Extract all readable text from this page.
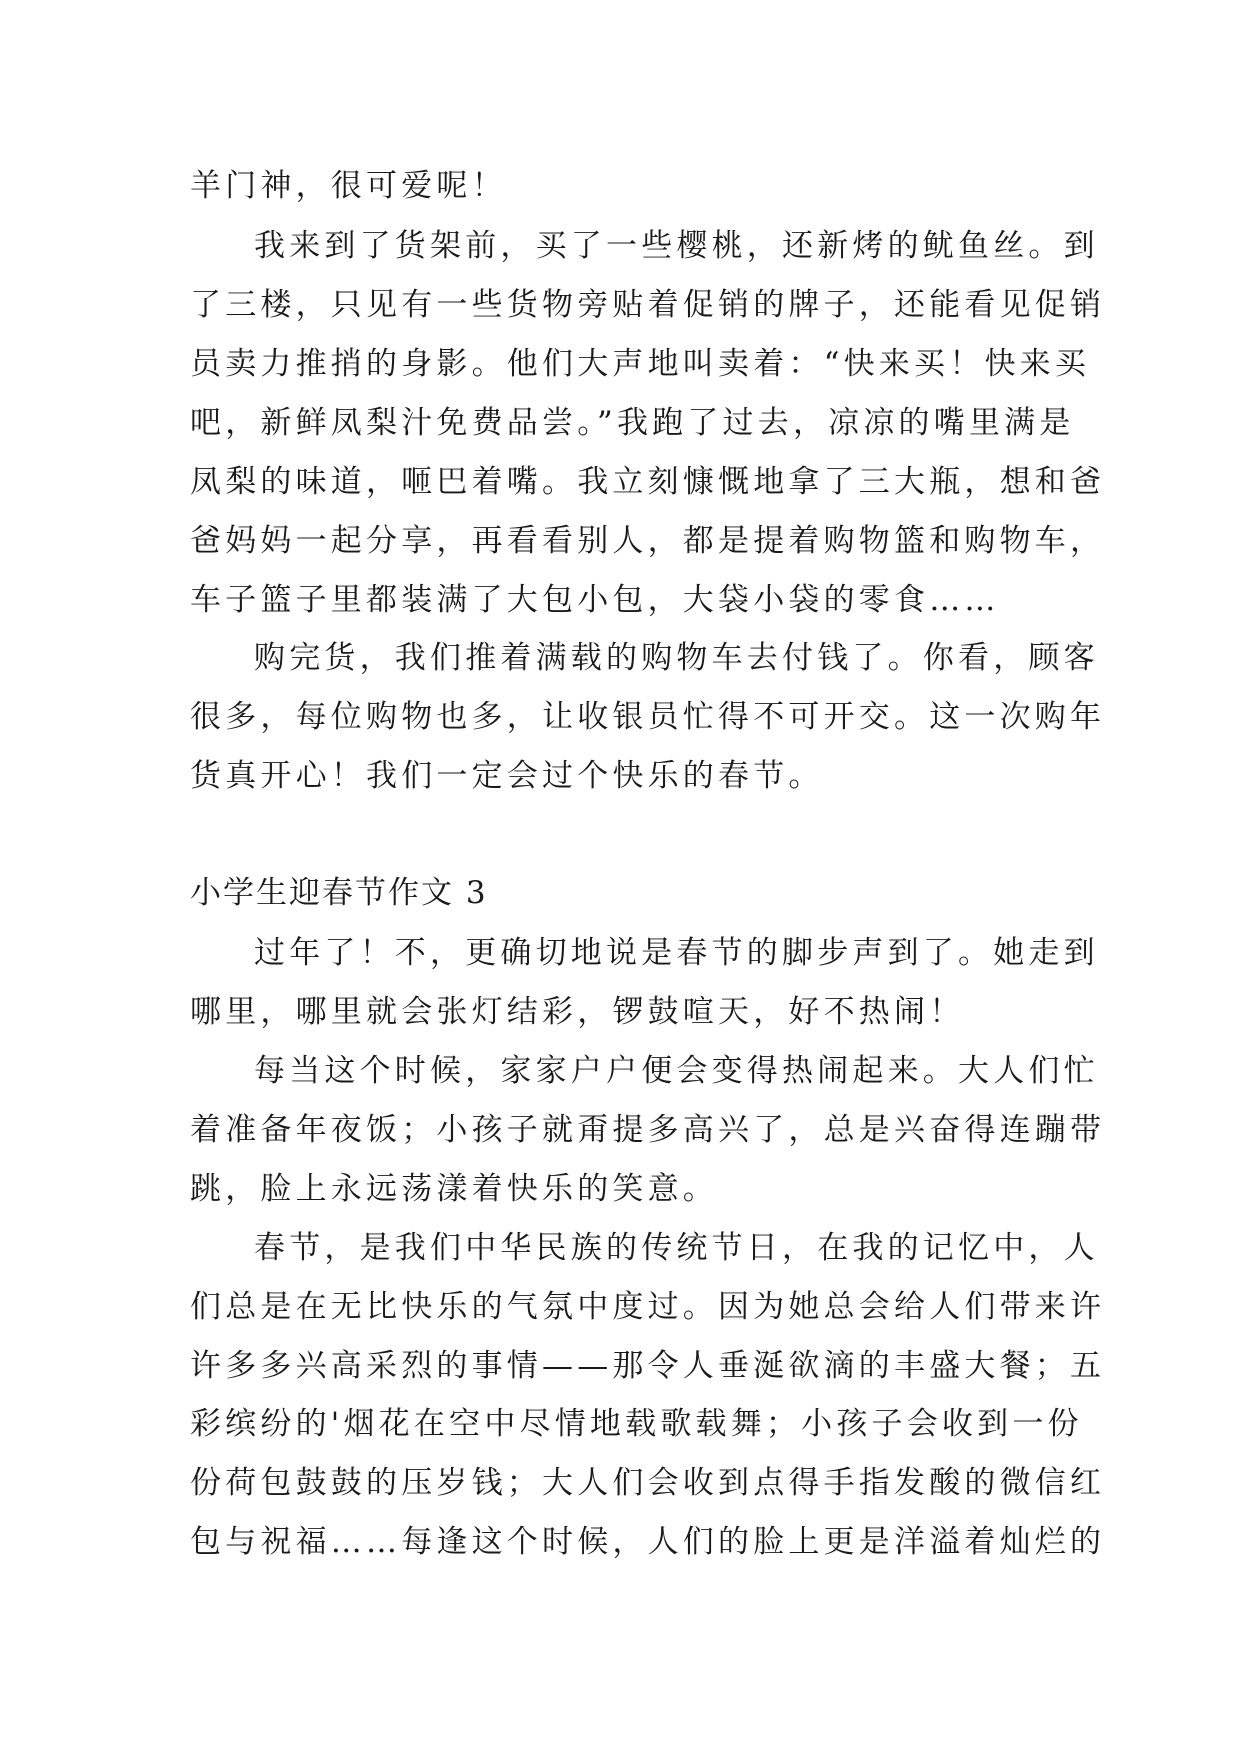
羊门神，很可爱呢！
我来到了货架前，买了一些樱桃，还新烤的鱿鱼丝。到
了三楼，只见有一些货物旁贴着促销的牌子，还能看见促销
员卖力推捎的身影。他们大声地叫卖着：“快来买！快来买
吧，新鲜凤梨汁免费品尝。”我跑了过去，凉凉的嘴里满是
凤梨的味道，咂巴着嘴。我立刻慷慨地拿了三大瓶，想和爸
爸妈妈一起分享，再看看别人，都是提着购物篮和购物车，
车子篮子里都装满了大包小包，大袋小袋的零食……
购完货，我们推着满载的购物车去付钱了。你看，顾客
很多，每位购物也多，让收银员忙得不可开交。这一次购年
货真开心！我们一定会过个快乐的春节。
小学生迎春节作文 3
过年了！不，更确切地说是春节的脚步声到了。她走到
哪里，哪里就会张灯结彩，锣鼓喧天，好不热闹！
每当这个时候，家家户户便会变得热闹起来。大人们忙
着准备年夜饭；小孩子就甭提多高兴了，总是兴奋得连蹦带
跳，脸上永远荡漾着快乐的笑意。
春节，是我们中华民族的传统节日，在我的记忆中，人
们总是在无比快乐的气氛中度过。因为她总会给人们带来许
许多多兴高采烈的事情——那令人垂涎欲滴的丰盛大餐；五
彩缤纷的'烟花在空中尽情地载歌载舞；小孩子会收到一份
份荷包鼓鼓的压岁钱；大人们会收到点得手指发酸的微信红
包与祝福……每逢这个时候，人们的脸上更是洋溢着灿烂的
